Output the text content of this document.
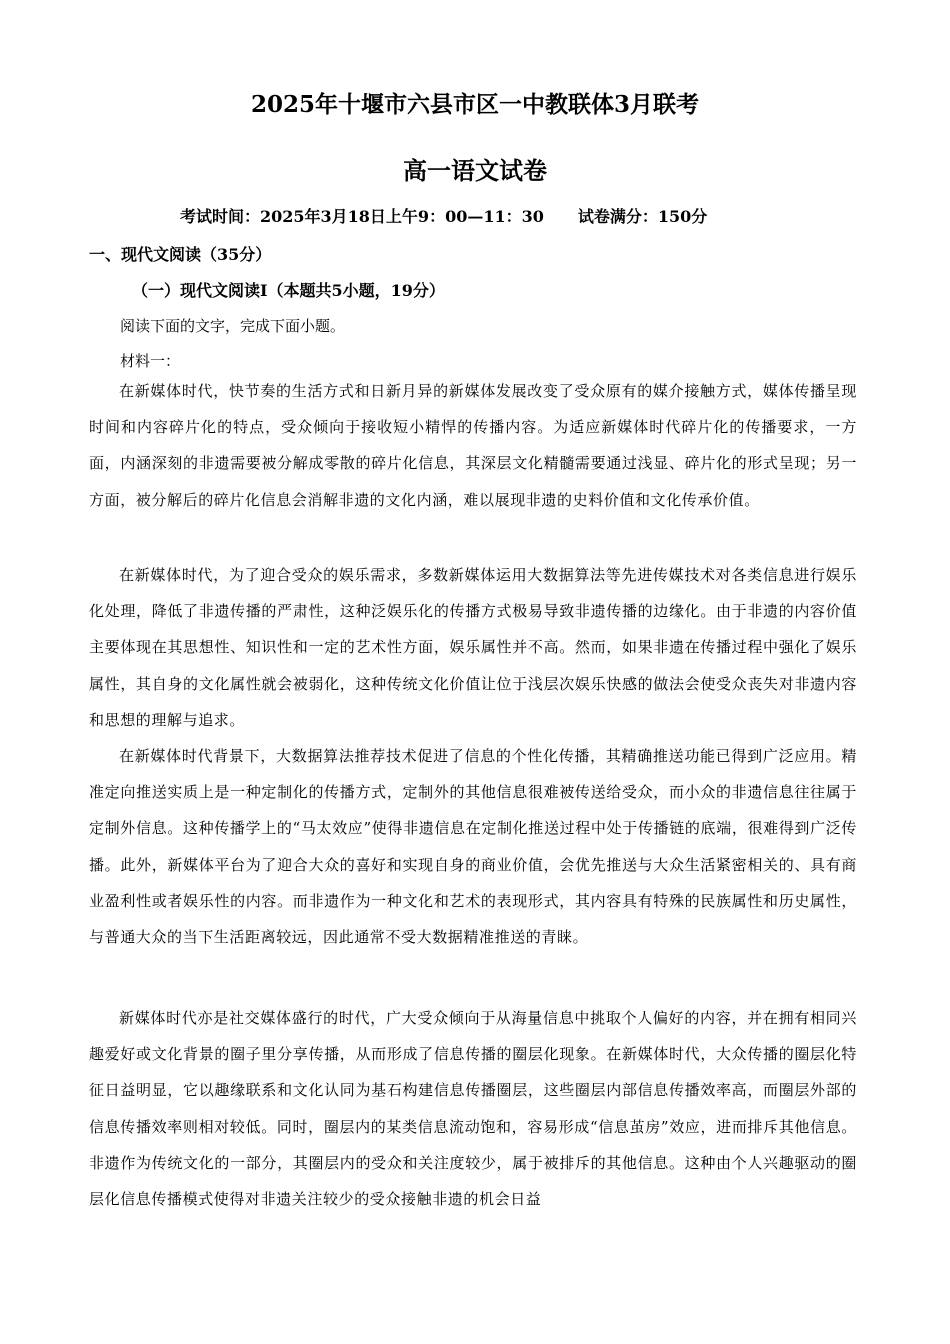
2025年十堰市六县市区一中教联体3月联考
高一语文试卷
考试时间：2025年3月18日上午9：00—11：30 试卷满分：150分
一、现代文阅读（35分）
（一）现代文阅读Ⅰ（本题共5小题，19分）
阅读下面的文字，完成下面小题。
材料一：

在新媒体时代，快节奏的生活方式和日新月异的新媒体发展改变了受众原有的媒介接触方式，媒体传播呈现时间和内容碎片化的特点，受众倾向于接收短小精悍的传播内容。为适应新媒体时代碎片化的传播要求，一方面，内涵深刻的非遗需要被分解成零散的碎片化信息，其深层文化精髓需要通过浅显、碎片化的形式呈现；另一方面，被分解后的碎片化信息会消解非遗的文化内涵，难以展现非遗的史料价值和文化传承价值。

在新媒体时代，为了迎合受众的娱乐需求，多数新媒体运用大数据算法等先进传媒技术对各类信息进行娱乐化处理，降低了非遗传播的严肃性，这种泛娱乐化的传播方式极易导致非遗传播的边缘化。由于非遗的内容价值主要体现在其思想性、知识性和一定的艺术性方面，娱乐属性并不高。然而，如果非遗在传播过程中强化了娱乐属性，其自身的文化属性就会被弱化，这种传统文化价值让位于浅层次娱乐快感的做法会使受众丧失对非遗内容和思想的理解与追求。

在新媒体时代背景下，大数据算法推荐技术促进了信息的个性化传播，其精确推送功能已得到广泛应用。精准定向推送实质上是一种定制化的传播方式，定制外的其他信息很难被传送给受众，而小众的非遗信息往往属于定制外信息。这种传播学上的“马太效应”使得非遗信息在定制化推送过程中处于传播链的底端，很难得到广泛传播。此外，新媒体平台为了迎合大众的喜好和实现自身的商业价值，会优先推送与大众生活紧密相关的、具有商业盈利性或者娱乐性的内容。而非遗作为一种文化和艺术的表现形式，其内容具有特殊的民族属性和历史属性，与普通大众的当下生活距离较远，因此通常不受大数据精准推送的青睐。

新媒体时代亦是社交媒体盛行的时代，广大受众倾向于从海量信息中挑取个人偏好的内容，并在拥有相同兴趣爱好或文化背景的圈子里分享传播，从而形成了信息传播的圈层化现象。在新媒体时代，大众传播的圈层化特征日益明显，它以趣缘联系和文化认同为基石构建信息传播圈层，这些圈层内部信息传播效率高，而圈层外部的信息传播效率则相对较低。同时，圈层内的某类信息流动饱和，容易形成“信息茧房”效应，进而排斥其他信息。非遗作为传统文化的一部分，其圈层内的受众和关注度较少，属于被排斥的其他信息。这种由个人兴趣驱动的圈层化信息传播模式使得对非遗关注较少的受众接触非遗的机会日益
